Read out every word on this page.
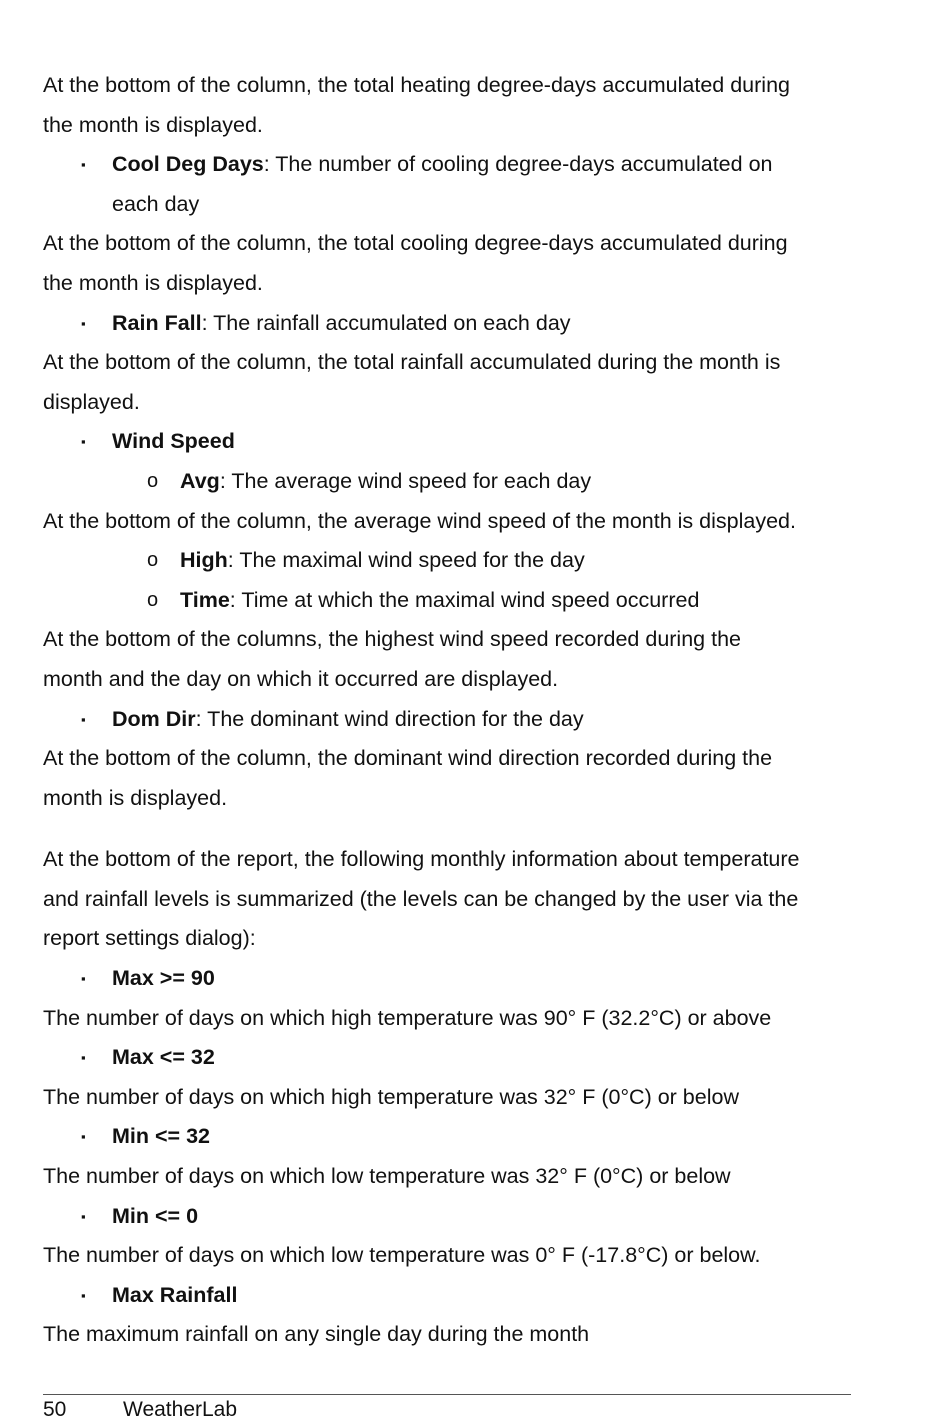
At the bottom of the column, the total heating degree-days accumulated during
the month is displayed.
▪ Cool Deg Days: The number of cooling degree-days accumulated on
each day
At the bottom of the column, the total cooling degree-days accumulated during
the month is displayed.
▪ Rain Fall: The rainfall accumulated on each day
At the bottom of the column, the total rainfall accumulated during the month is
displayed.
▪ Wind Speed
o Avg: The average wind speed for each day
At the bottom of the column, the average wind speed of the month is displayed.
o High: The maximal wind speed for the day
o Time: Time at which the maximal wind speed occurred
At the bottom of the columns, the highest wind speed recorded during the
month and the day on which it occurred are displayed.
▪ Dom Dir: The dominant wind direction for the day
At the bottom of the column, the dominant wind direction recorded during the
month is displayed.
At the bottom of the report, the following monthly information about temperature
and rainfall levels is summarized (the levels can be changed by the user via the
report settings dialog):
▪ Max >= 90
The number of days on which high temperature was 90° F (32.2°C) or above
▪ Max <= 32
The number of days on which high temperature was 32° F (0°C) or below
▪ Min <= 32
The number of days on which low temperature was 32° F (0°C) or below
▪ Min <= 0
The number of days on which low temperature was 0° F (-17.8°C) or below.
▪ Max Rainfall
The maximum rainfall on any single day during the month
50	WeatherLab
